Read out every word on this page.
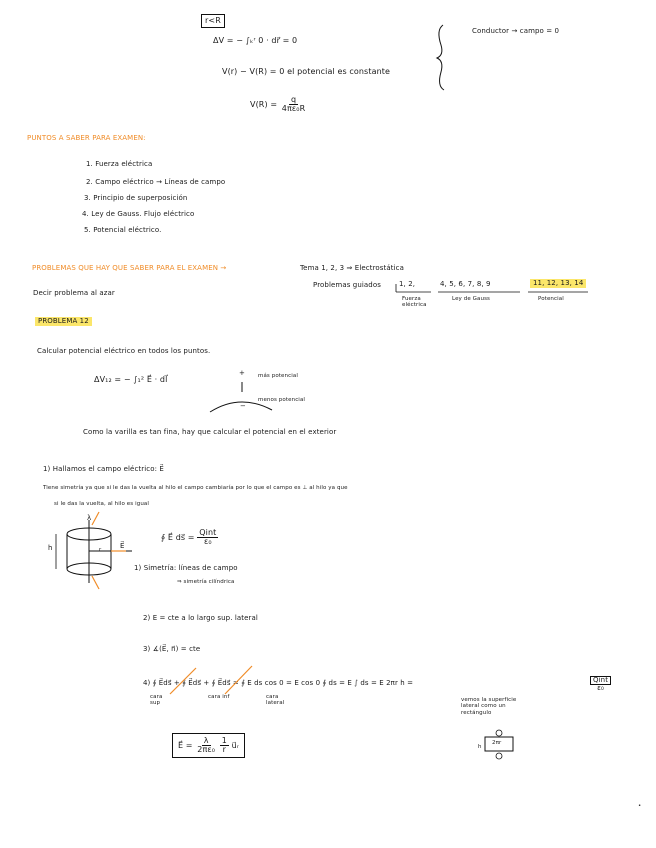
r<R
ΔV = − ∫ₖʳ 0 · dr⃗ = 0
V(r) − V(R) = 0 el potencial es constante
$V(R) = \frac{q}{\text{4πε₀R}}$
Conductor → campo = 0
PUNTOS A SABER PARA EXAMEN:
1. Fuerza eléctrica
2. Campo eléctrico → Líneas de campo
3. Principio de superposición
4. Ley de Gauss. Flujo eléctrico
5. Potencial eléctrico.
PROBLEMAS QUE HAY QUE SABER PARA EL EXAMEN →	Tema 1, 2, 3 ⇒ Electrostática
Decir problema al azar
Problemas guiados	1, 2,	4, 5, 6, 7, 8, 9	11, 12, 13, 14
Fuerza eléctrica
Ley de Gauss	Potencial
PROBLEMA 12
Calcular potencial eléctrico en todos los puntos.
ΔV₁₂ = − ∫₁² E⃗ · dl⃗
+ más potencial
menos potencial
−
Como la varilla es tan fina, hay que calcular el potencial en el exterior
1) Hallamos el campo eléctrico: E⃗
Tiene simetría ya que si le das la vuelta al hilo el campo cambiaría por lo que el campo es ⊥ al hilo ya que
si le das la vuelta, al hilo es igual
λ
h	r	E⃗
∮ E⃗ ds⃗ = $\frac{\text{Qint}}{\text{ε₀}}$
1) Simetría: líneas de campo
⇒ simetría cilíndrica
2) E = cte a lo largo sup. lateral
3) ∡(E⃗, n⃗) = cte
4) ∮ E⃗ds⃗ + ∮ E⃗ds⃗ + ∮ E⃗ds⃗ = ∮ E ds cos 0 = E cos 0 ∮ ds = E ∫ ds = E 2πr h =	$\frac{\text{Qint}}{\text{ε₀}}$
cara sup
cara inf	cara lateral
vemos la superficie lateral como un rectángulo
h
2πr
E⃗ = $\frac{\lambda}{\text{2πε₀}}$
$\frac{1}{r}$ u⃗ᵣ
•
